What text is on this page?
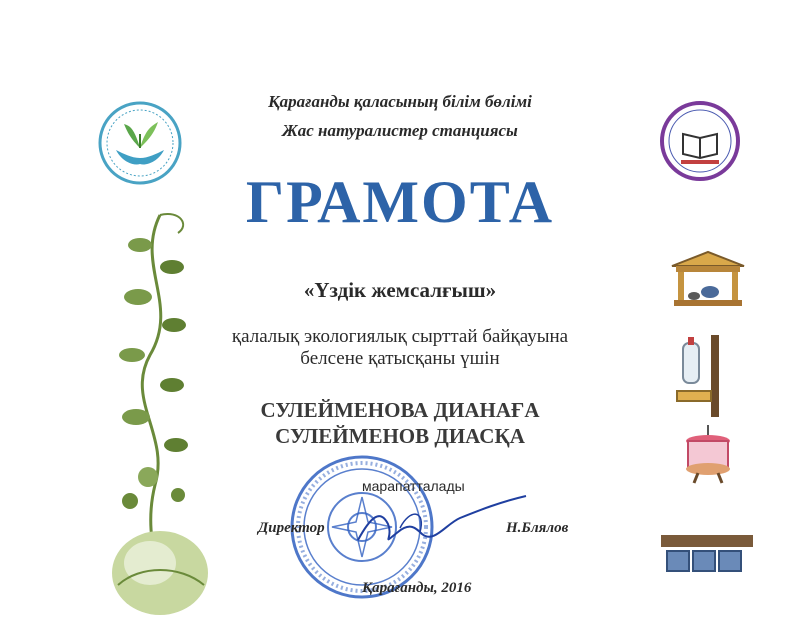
Қарағанды қаласының білім бөлімі
Жас натуралистер станциясы
ГРАМОТА
«Үздік жемсалғыш»
қалалық экологиялық сырттай байқауына
белсене қатысқаны үшін
СУЛЕЙМЕНОВА ДИАНАҒА
СУЛЕЙМЕНОВ ДИАСҚА
марапатталады
Директор	Н.Блялов
Қарағанды, 2016
